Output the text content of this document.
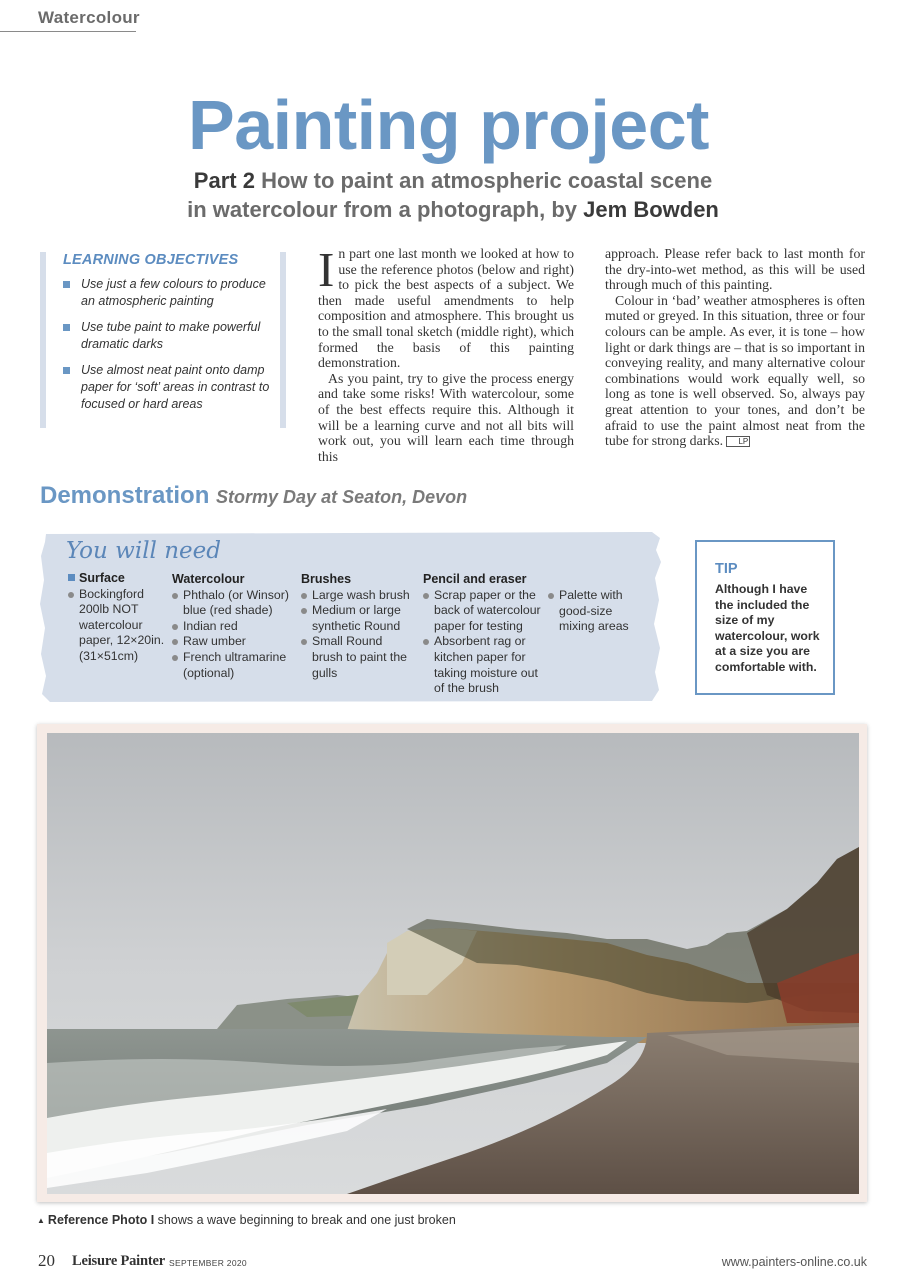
Watercolour
Painting project
Part 2 How to paint an atmospheric coastal scene
in watercolour from a photograph, by Jem Bowden
LEARNING OBJECTIVES
Use just a few colours to produce an atmospheric painting
Use tube paint to make powerful dramatic darks
Use almost neat paint onto damp paper for ‘soft’ areas in contrast to focused or hard areas

In part one last month we looked at how to use the reference photos (below and right) to pick the best aspects of a subject. We then made useful amendments to help composition and atmosphere. This brought us to the small tonal sketch (middle right), which formed the basis of this painting demonstration.

As you paint, try to give the process energy and take some risks! With watercolour, some of the best effects require this. Although it will be a learning curve and not all bits will work out, you will learn each time through this

approach. Please refer back to last month for the dry-into-wet method, as this will be used through much of this painting.

Colour in ‘bad’ weather atmospheres is often muted or greyed. In this situation, three or four colours can be ample. As ever, it is tone – how light or dark things are – that is so important in conveying reality, and many alternative colour combinations would work equally well, so long as tone is well observed. So, always pay great attention to your tones, and don’t be afraid to use the paint almost neat from the tube for strong darks. LP

Demonstration Stormy Day at Seaton, Devon
You will need
Surface
Bockingford 200lb NOT watercolour paper, 12×20in. (31×51cm)
Watercolour
Phthalo (or Winsor) blue (red shade)
Indian red
Raw umber
French ultramarine (optional)
Brushes
Large wash brush
Medium or large synthetic Round
Small Round brush to paint the gulls
Pencil and eraser
Scrap paper or the back of watercolour paper for testing
Absorbent rag or kitchen paper for taking moisture out of the brush
Palette with good-size mixing areas
TIP
Although I have the included the size of my watercolour, work at a size you are comfortable with.
▲ Reference Photo I shows a wave beginning to break and one just broken
20 Leisure Painter SEPTEMBER 2020	www.painters-online.co.uk
